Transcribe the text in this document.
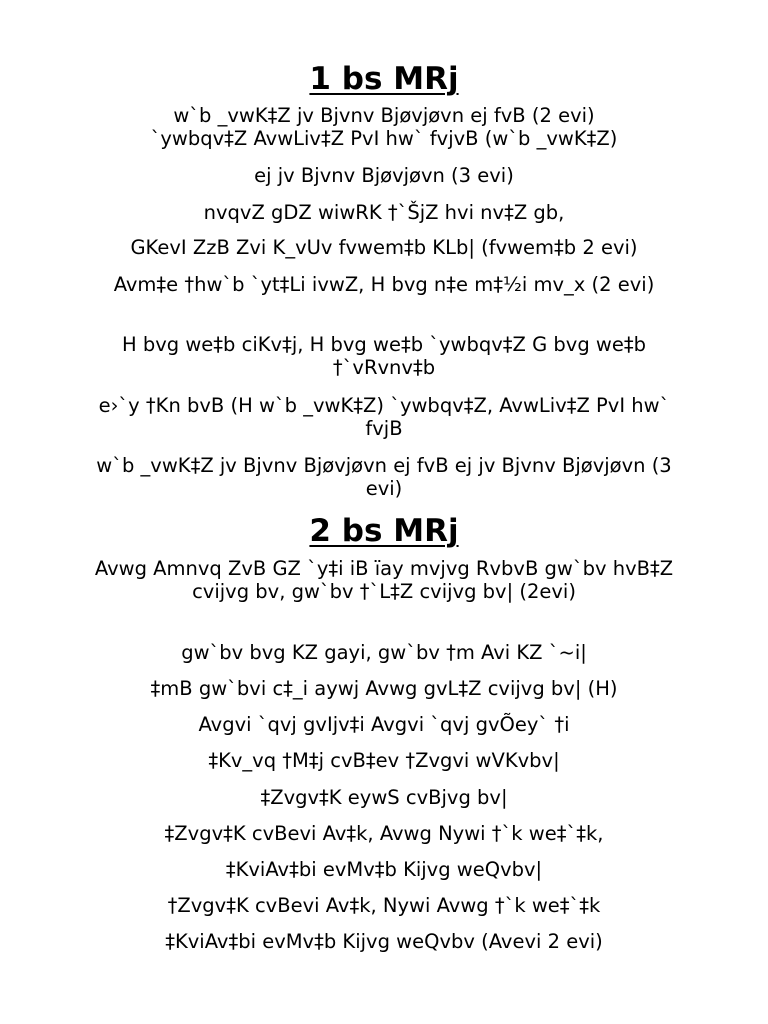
1 bs MRj

w`b _vwK‡Z jv Bjvnv Bjøvjøvn ej fvB (2 evi)
`ywbqv‡Z AvwLiv‡Z PvI hw` fvjvB (w`b _vwK‡Z)

ej jv Bjvnv Bjøvjøvn (3 evi)

nvqvZ gDZ wiwRK †`ŠjZ hvi nv‡Z gb,

GKevI ZzB Zvi K_vUv fvwem‡b KLb| (fvwem‡b 2 evi)

Avm‡e †hw`b `yt‡Li ivwZ, H bvg n‡e m‡½i mv_x (2 evi)

H bvg we‡b ciKv‡j, H bvg we‡b `ywbqv‡Z G bvg we‡b †`vRvnv‡b

e›`y †Kn bvB (H w`b _vwK‡Z) `ywbqv‡Z, AvwLiv‡Z PvI hw` fvjB

w`b _vwK‡Z jv Bjvnv Bjøvjøvn ej fvB ej jv Bjvnv Bjøvjøvn (3 evi)

2 bs MRj

Avwg Amnvq ZvB GZ `y‡i iB ïay mvjvg RvbvB gw`bv hvB‡Z cvijvg bv, gw`bv †`L‡Z cvijvg bv| (2evi)

gw`bv bvg KZ gayi, gw`bv †m Avi KZ `~i|

‡mB gw`bvi c‡_i aywj Avwg gvL‡Z cvijvg bv| (H)

Avgvi `qvj gvIjv‡i Avgvi `qvj gvÕey` †i

‡Kv_vq †M‡j cvB‡ev †Zvgvi wVKvbv|

‡Zvgv‡K eywS cvBjvg bv|

‡Zvgv‡K cvBevi Av‡k, Avwg Nywi †`k we‡`‡k,

‡KviAv‡bi evMv‡b Kijvg weQvbv|

†Zvgv‡K cvBevi Av‡k, Nywi Avwg †`k we‡`‡k

‡KviAv‡bi evMv‡b Kijvg weQvbv (Avevi 2 evi)
